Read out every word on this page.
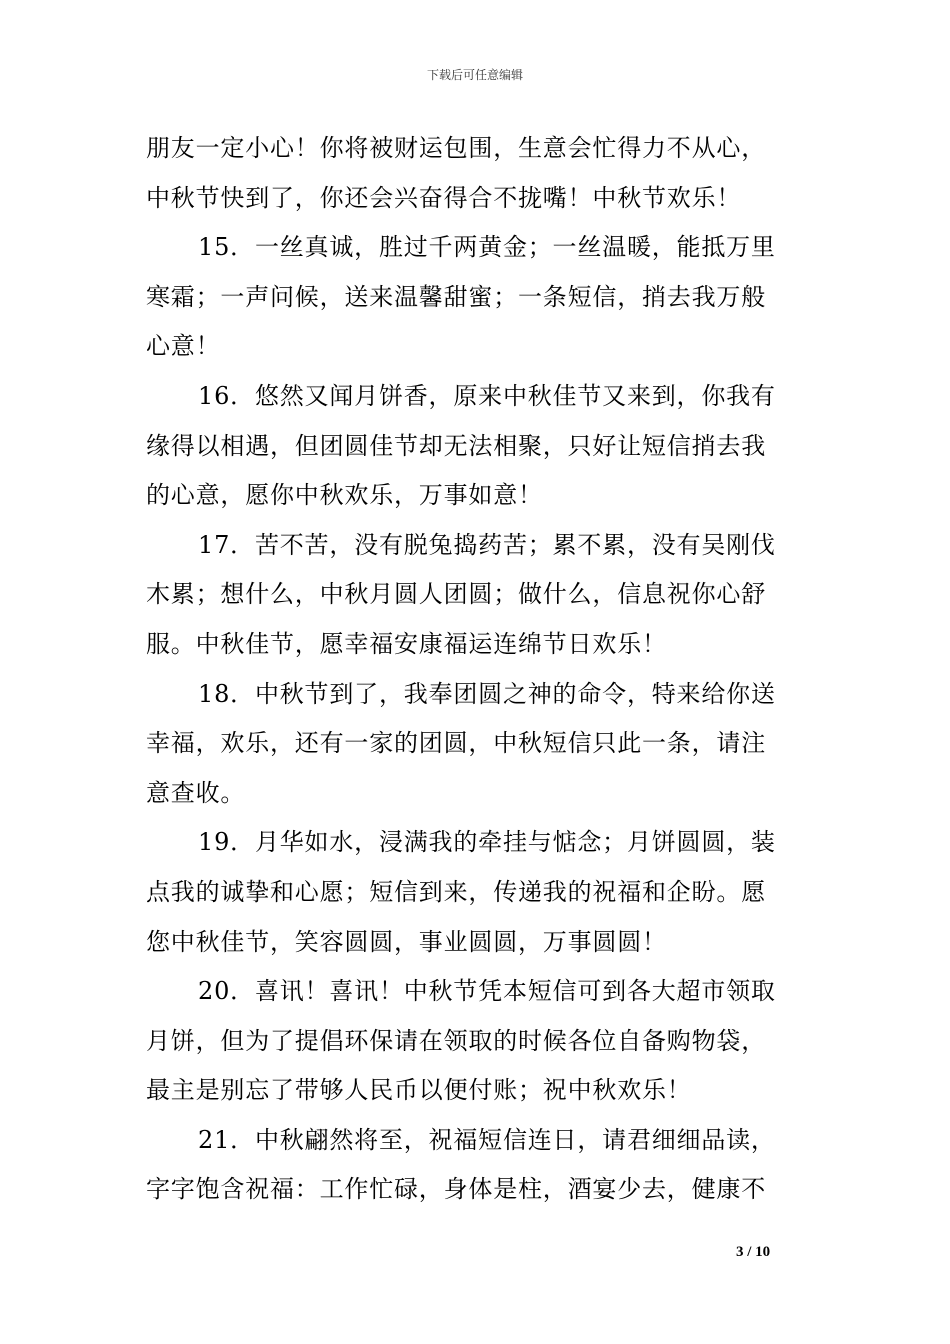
下载后可任意编辑
朋友一定小心！你将被财运包围，生意会忙得力不从心，
中秋节快到了，你还会兴奋得合不拢嘴！中秋节欢乐！
15．一丝真诚，胜过千两黄金；一丝温暖，能抵万里
寒霜；一声问候，送来温馨甜蜜；一条短信，捎去我万般
心意！
16．悠然又闻月饼香，原来中秋佳节又来到，你我有
缘得以相遇，但团圆佳节却无法相聚，只好让短信捎去我
的心意，愿你中秋欢乐，万事如意！
17．苦不苦，没有脱兔捣药苦；累不累，没有吴刚伐
木累；想什么，中秋月圆人团圆；做什么，信息祝你心舒
服。中秋佳节，愿幸福安康福运连绵节日欢乐！
18．中秋节到了，我奉团圆之神的命令，特来给你送
幸福，欢乐，还有一家的团圆，中秋短信只此一条，请注
意查收。
19．月华如水，浸满我的牵挂与惦念；月饼圆圆，装
点我的诚挚和心愿；短信到来，传递我的祝福和企盼。愿
您中秋佳节，笑容圆圆，事业圆圆，万事圆圆！
20．喜讯！喜讯！中秋节凭本短信可到各大超市领取
月饼，但为了提倡环保请在领取的时候各位自备购物袋，
最主是别忘了带够人民币以便付账；祝中秋欢乐！
21．中秋翩然将至，祝福短信连日，请君细细品读，
字字饱含祝福：工作忙碌，身体是柱，酒宴少去，健康不
3 / 10
